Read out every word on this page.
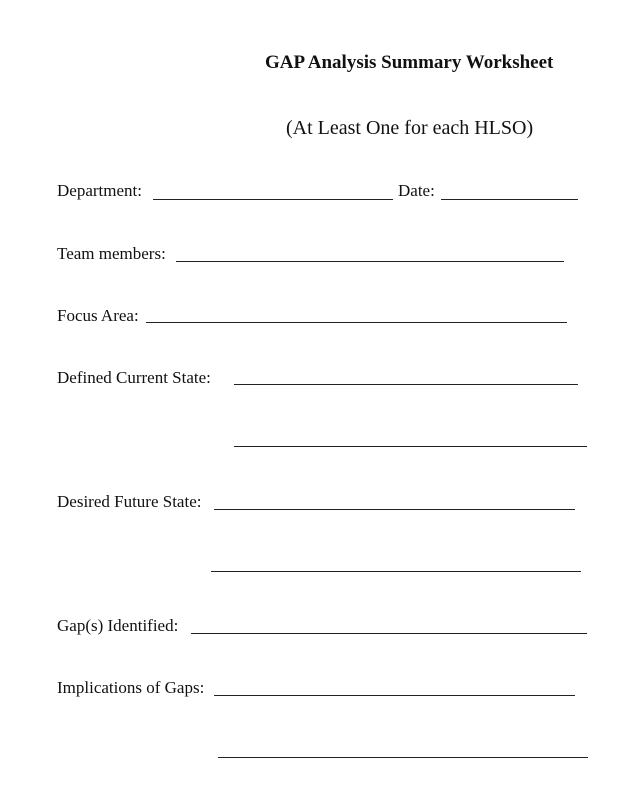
GAP Analysis Summary Worksheet
(At Least One for each HLSO)
Department:	Date:
Team members:
Focus Area:
Defined Current State:
Desired Future State:
Gap(s) Identified:
Implications of Gaps:
